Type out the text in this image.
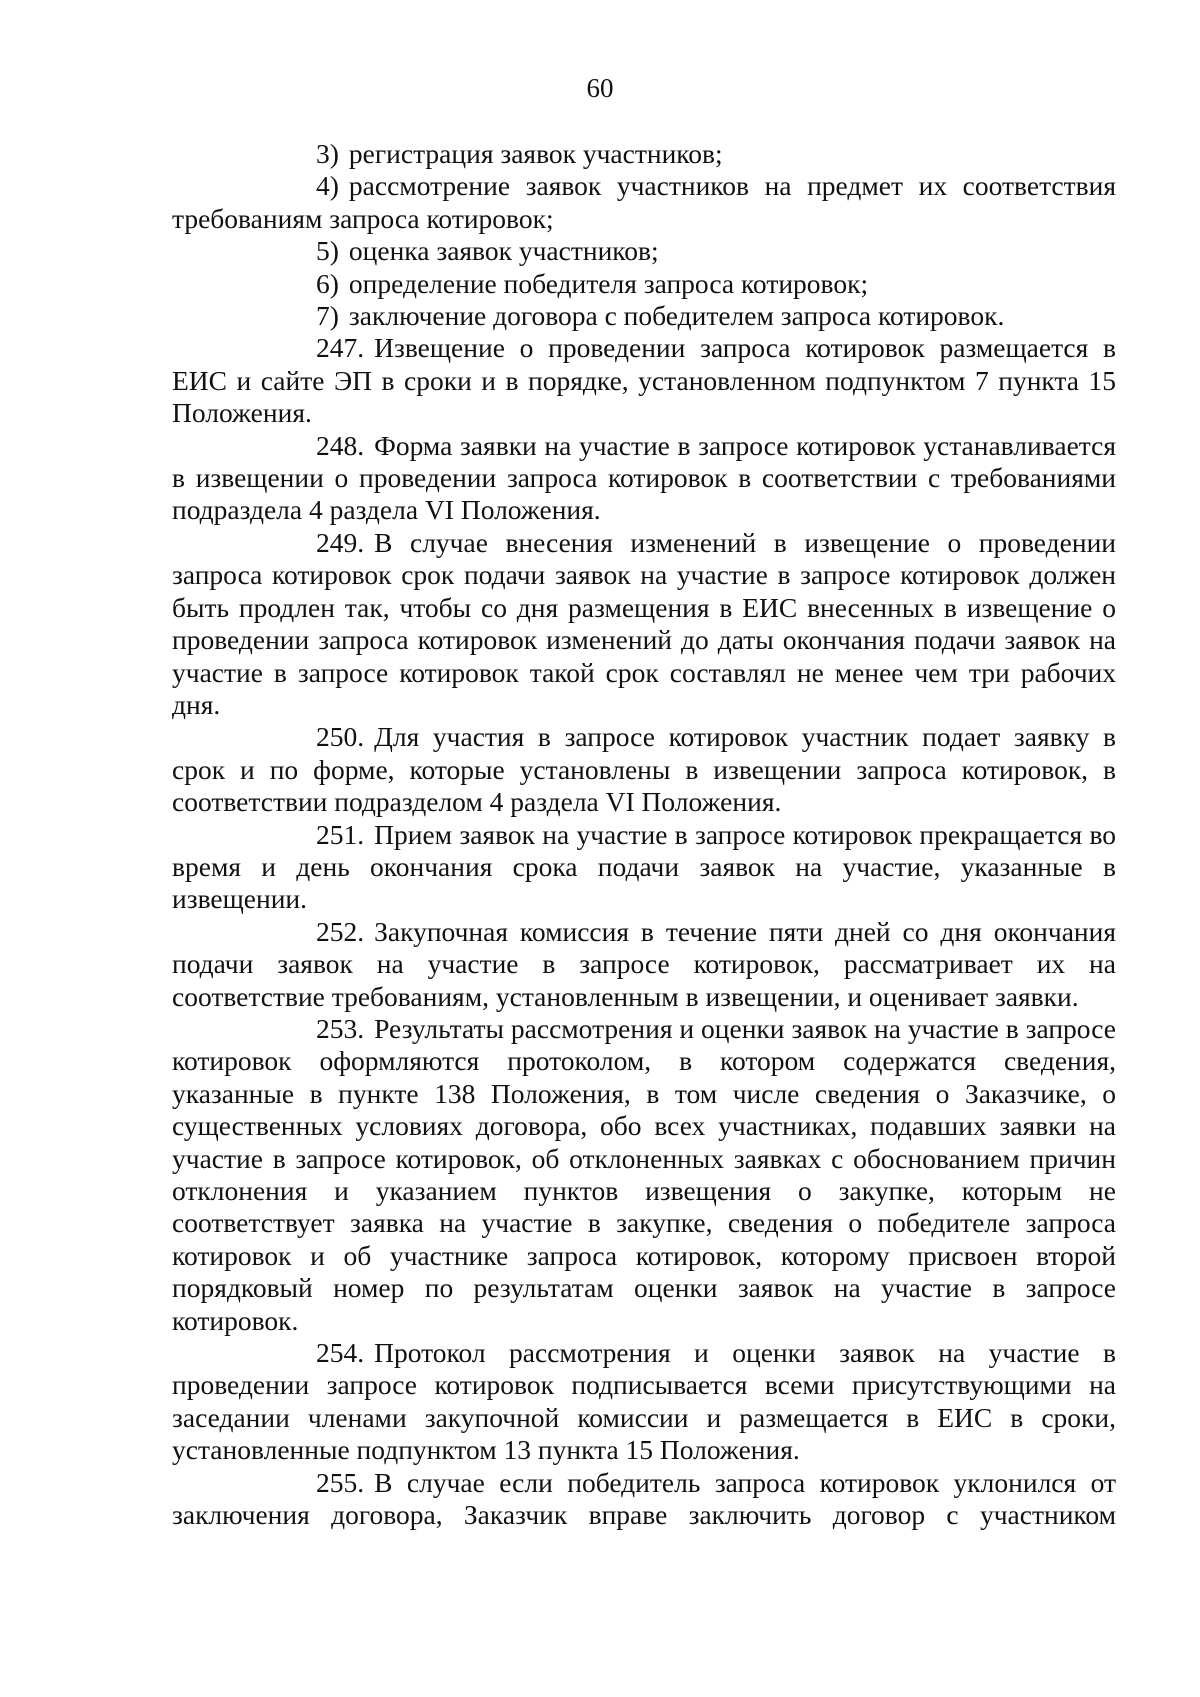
60

3) регистрация заявок участников;

4) рассмотрение заявок участников на предмет их соответствия требованиям запроса котировок;

5) оценка заявок участников;

6) определение победителя запроса котировок;

7) заключение договора с победителем запроса котировок.

247. Извещение о проведении запроса котировок размещается в ЕИС и сайте ЭП в сроки и в порядке, установленном подпунктом 7 пункта 15 Положения.

248. Форма заявки на участие в запросе котировок устанавливается в извещении о проведении запроса котировок в соответствии с требованиями подраздела 4 раздела VI Положения.

249. В случае внесения изменений в извещение о проведении запроса котировок срок подачи заявок на участие в запросе котировок должен быть продлен так, чтобы со дня размещения в ЕИС внесенных в извещение о проведении запроса котировок изменений до даты окончания подачи заявок на участие в запросе котировок такой срок составлял не менее чем три рабочих дня.

250. Для участия в запросе котировок участник подает заявку в срок и по форме, которые установлены в извещении запроса котировок, в соответствии подразделом 4 раздела VI Положения.

251. Прием заявок на участие в запросе котировок прекращается во время и день окончания срока подачи заявок на участие, указанные в извещении.

252. Закупочная комиссия в течение пяти дней со дня окончания подачи заявок на участие в запросе котировок, рассматривает их на соответствие требованиям, установленным в извещении, и оценивает заявки.

253. Результаты рассмотрения и оценки заявок на участие в запросе котировок оформляются протоколом, в котором содержатся сведения, указанные в пункте 138 Положения, в том числе сведения о Заказчике, о существенных условиях договора, обо всех участниках, подавших заявки на участие в запросе котировок, об отклоненных заявках с обоснованием причин отклонения и указанием пунктов извещения о закупке, которым не соответствует заявка на участие в закупке, сведения о победителе запроса котировок и об участнике запроса котировок, которому присвоен второй порядковый номер по результатам оценки заявок на участие в запросе котировок.

254. Протокол рассмотрения и оценки заявок на участие в проведении запросе котировок подписывается всеми присутствующими на заседании членами закупочной комиссии и размещается в ЕИС в сроки, установленные подпунктом 13 пункта 15 Положения.

255. В случае если победитель запроса котировок уклонился от заключения договора, Заказчик вправе заключить договор с участником
